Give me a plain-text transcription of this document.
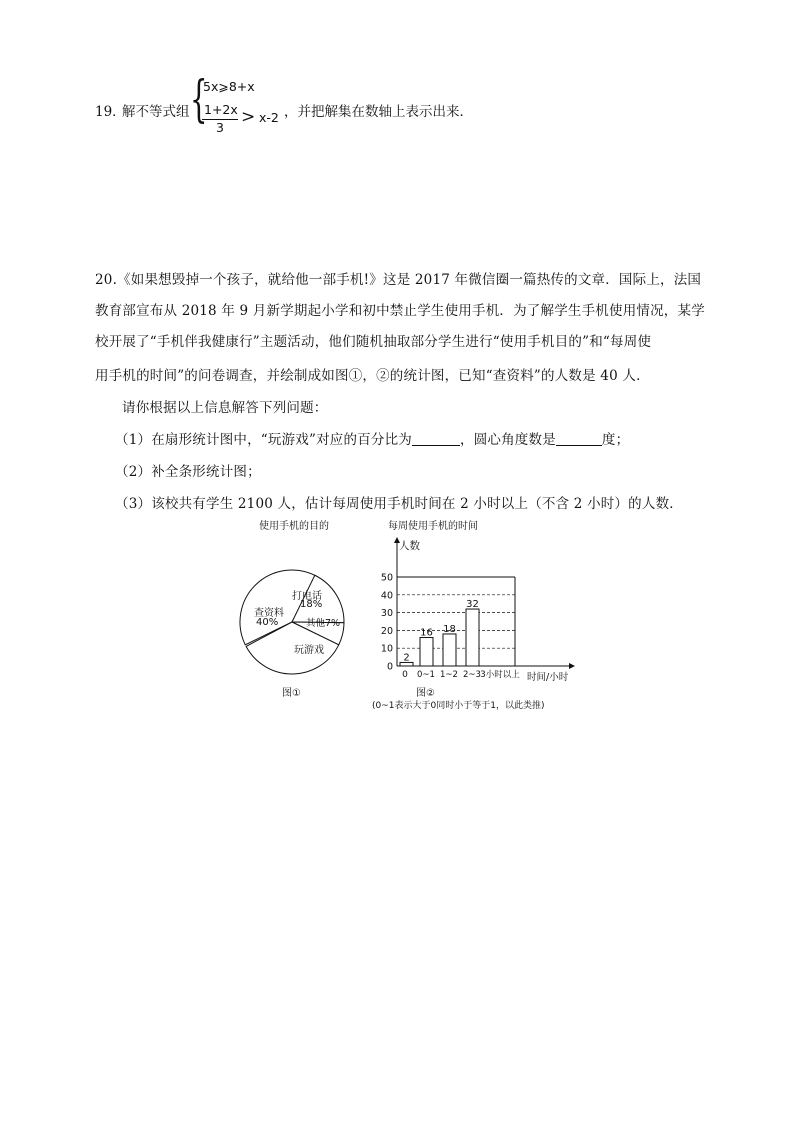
19．
解不等式组 {
5x⩾8+x
1+2x
3
> x-2 ，并把解集在数轴上表示出来．
20.《如果想毁掉一个孩子，就给他一部手机!》这是 2017 年微信圈一篇热传的文章．国际上，法国
教育部宣布从 2018 年 9 月新学期起小学和初中禁止学生使用手机．为了解学生手机使用情况，某学
校开展了“手机伴我健康行”主题活动，他们随机抽取部分学生进行“使用手机目的”和“每周使
用手机的时间”的问卷调查，并绘制成如图①，②的统计图，已知“查资料”的人数是 40 人．
请你根据以上信息解答下列问题：
（1）在扇形统计图中，“玩游戏”对应的百分比为	，圆心角度数是	度；
（2）补全条形统计图；
（3）该校共有学生 2100 人，估计每周使用手机时间在 2 小时以上（不含 2 小时）的人数．
使用手机的目的
查资料
40%
打电话
18%
其他7%
玩游戏
图①
每周使用手机的时间
2
16 18
32
0
10
20
30
40
50
0 0~1 1~2 2~3 3小时以上
人数
时间/小时
图②
(0~1表示大于0同时小于等于1，以此类推)
